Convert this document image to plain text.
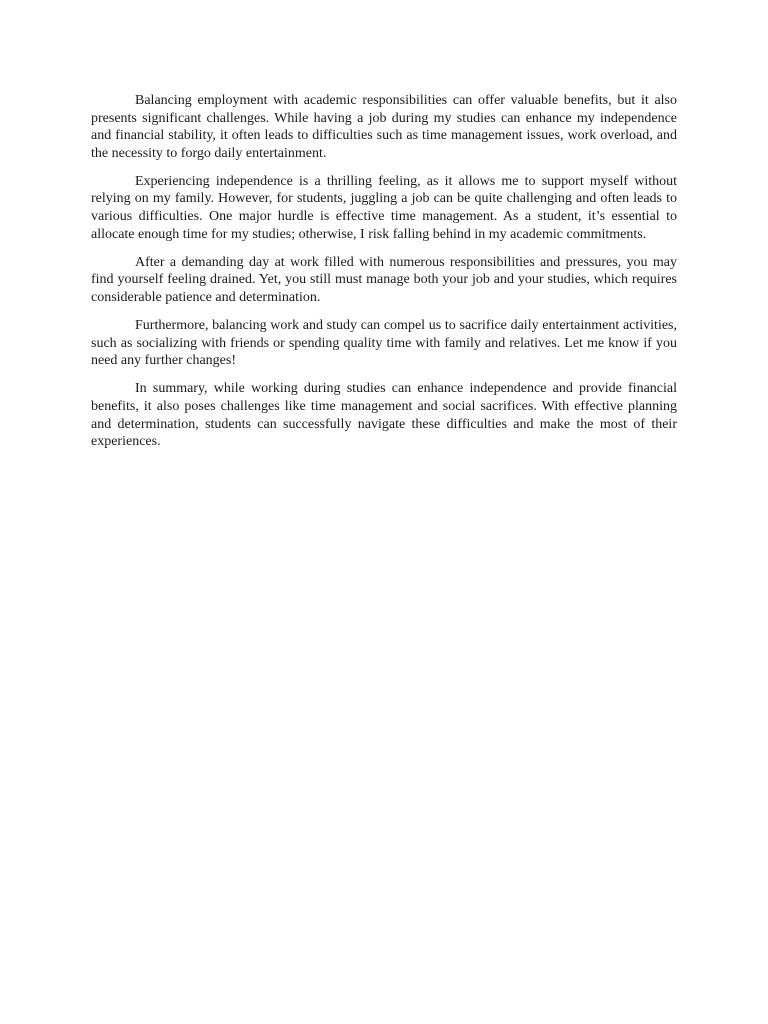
Balancing employment with academic responsibilities can offer valuable benefits, but it also presents significant challenges. While having a job during my studies can enhance my independence and financial stability, it often leads to difficulties such as time management issues, work overload, and the necessity to forgo daily entertainment.

Experiencing independence is a thrilling feeling, as it allows me to support myself without relying on my family. However, for students, juggling a job can be quite challenging and often leads to various difficulties. One major hurdle is effective time management. As a student, it’s essential to allocate enough time for my studies; otherwise, I risk falling behind in my academic commitments.

After a demanding day at work filled with numerous responsibilities and pressures, you may find yourself feeling drained. Yet, you still must manage both your job and your studies, which requires considerable patience and determination.

Furthermore, balancing work and study can compel us to sacrifice daily entertainment activities, such as socializing with friends or spending quality time with family and relatives. Let me know if you need any further changes!

In summary, while working during studies can enhance independence and provide financial benefits, it also poses challenges like time management and social sacrifices. With effective planning and determination, students can successfully navigate these difficulties and make the most of their experiences.
